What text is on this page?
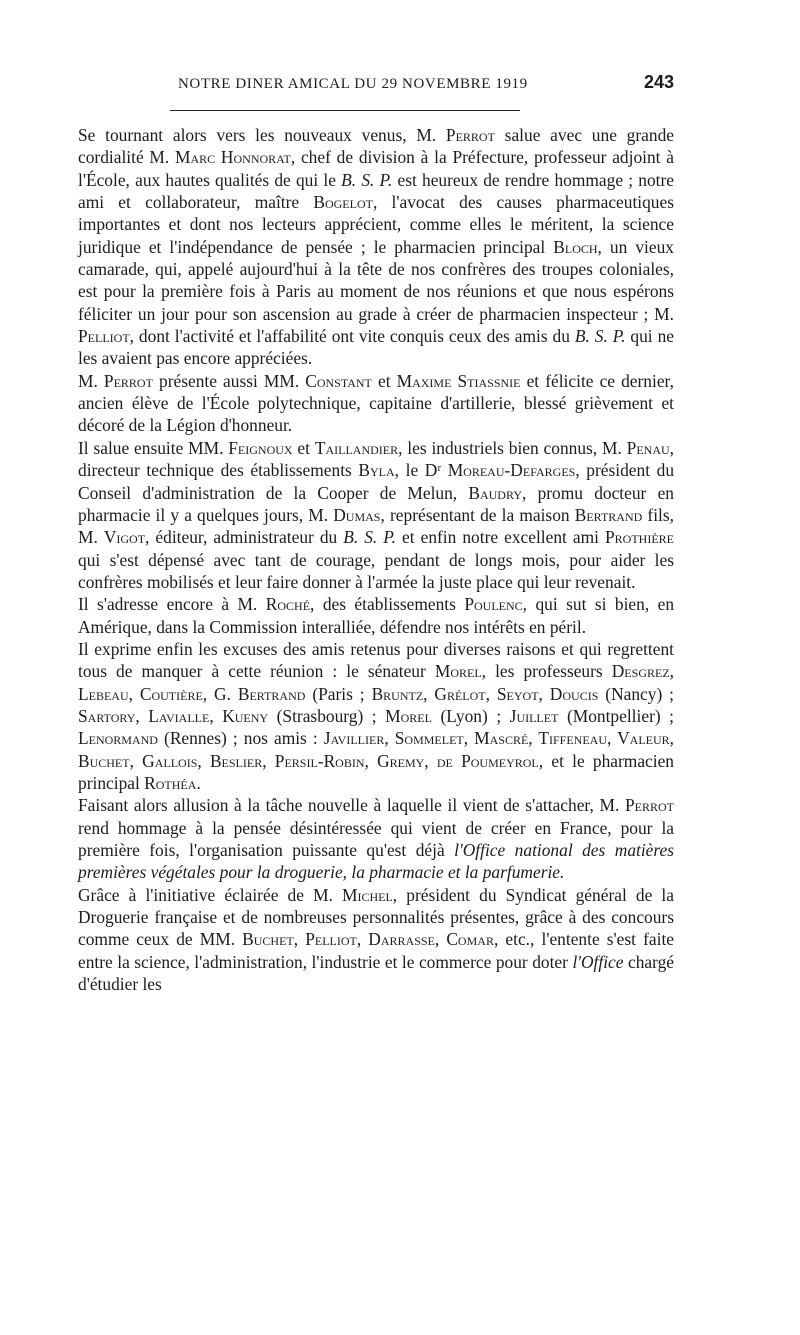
NOTRE DINER AMICAL DU 29 NOVEMBRE 1919	243

Se tournant alors vers les nouveaux venus, M. Perrot salue avec une grande cordialité M. Marc Honnorat, chef de division à la Préfecture, professeur adjoint à l'École, aux hautes qualités de qui le B. S. P. est heureux de rendre hommage ; notre ami et collaborateur, maître Bogelot, l'avocat des causes pharmaceutiques importantes et dont nos lecteurs apprécient, comme elles le méritent, la science juridique et l'indépendance de pensée ; le pharmacien principal Bloch, un vieux camarade, qui, appelé aujourd'hui à la tête de nos confrères des troupes coloniales, est pour la première fois à Paris au moment de nos réunions et que nous espérons féliciter un jour pour son ascension au grade à créer de pharmacien inspecteur ; M. Pelliot, dont l'activité et l'affabilité ont vite conquis ceux des amis du B. S. P. qui ne les avaient pas encore appréciées.

M. Perrot présente aussi MM. Constant et Maxime Stiassnie et félicite ce dernier, ancien élève de l'École polytechnique, capitaine d'artillerie, blessé grièvement et décoré de la Légion d'honneur.

Il salue ensuite MM. Feignoux et Taillandier, les industriels bien connus, M. Penau, directeur technique des établissements Byla, le Dʳ Moreau-Defarges, président du Conseil d'administration de la Cooper de Melun, Baudry, promu docteur en pharmacie il y a quelques jours, M. Dumas, représentant de la maison Bertrand fils, M. Vigot, éditeur, administrateur du B. S. P. et enfin notre excellent ami Prothière qui s'est dépensé avec tant de courage, pendant de longs mois, pour aider les confrères mobilisés et leur faire donner à l'armée la juste place qui leur revenait.

Il s'adresse encore à M. Roché, des établissements Poulenc, qui sut si bien, en Amérique, dans la Commission interalliée, défendre nos intérêts en péril.

Il exprime enfin les excuses des amis retenus pour diverses raisons et qui regrettent tous de manquer à cette réunion : le sénateur Morel, les professeurs Desgrez, Lebeau, Coutière, G. Bertrand (Paris ; Bruntz, Grélot, Seyot, Doucis (Nancy) ; Sartory, Lavialle, Kueny (Strasbourg) ; Morel (Lyon) ; Juillet (Montpellier) ; Lenormand (Rennes) ; nos amis : Javillier, Sommelet, Mascré, Tiffeneau, Valeur, Buchet, Gallois, Beslier, Persil-Robin, Gremy, de Poumeyrol, et le pharmacien principal Rothéa.

Faisant alors allusion à la tâche nouvelle à laquelle il vient de s'attacher, M. Perrot rend hommage à la pensée désintéressée qui vient de créer en France, pour la première fois, l'organisation puissante qu'est déjà l'Office national des matières premières végétales pour la droguerie, la pharmacie et la parfumerie.

Grâce à l'initiative éclairée de M. Michel, président du Syndicat général de la Droguerie française et de nombreuses personnalités présentes, grâce à des concours comme ceux de MM. Buchet, Pelliot, Darrasse, Comar, etc., l'entente s'est faite entre la science, l'administration, l'industrie et le commerce pour doter l'Office chargé d'étudier les
